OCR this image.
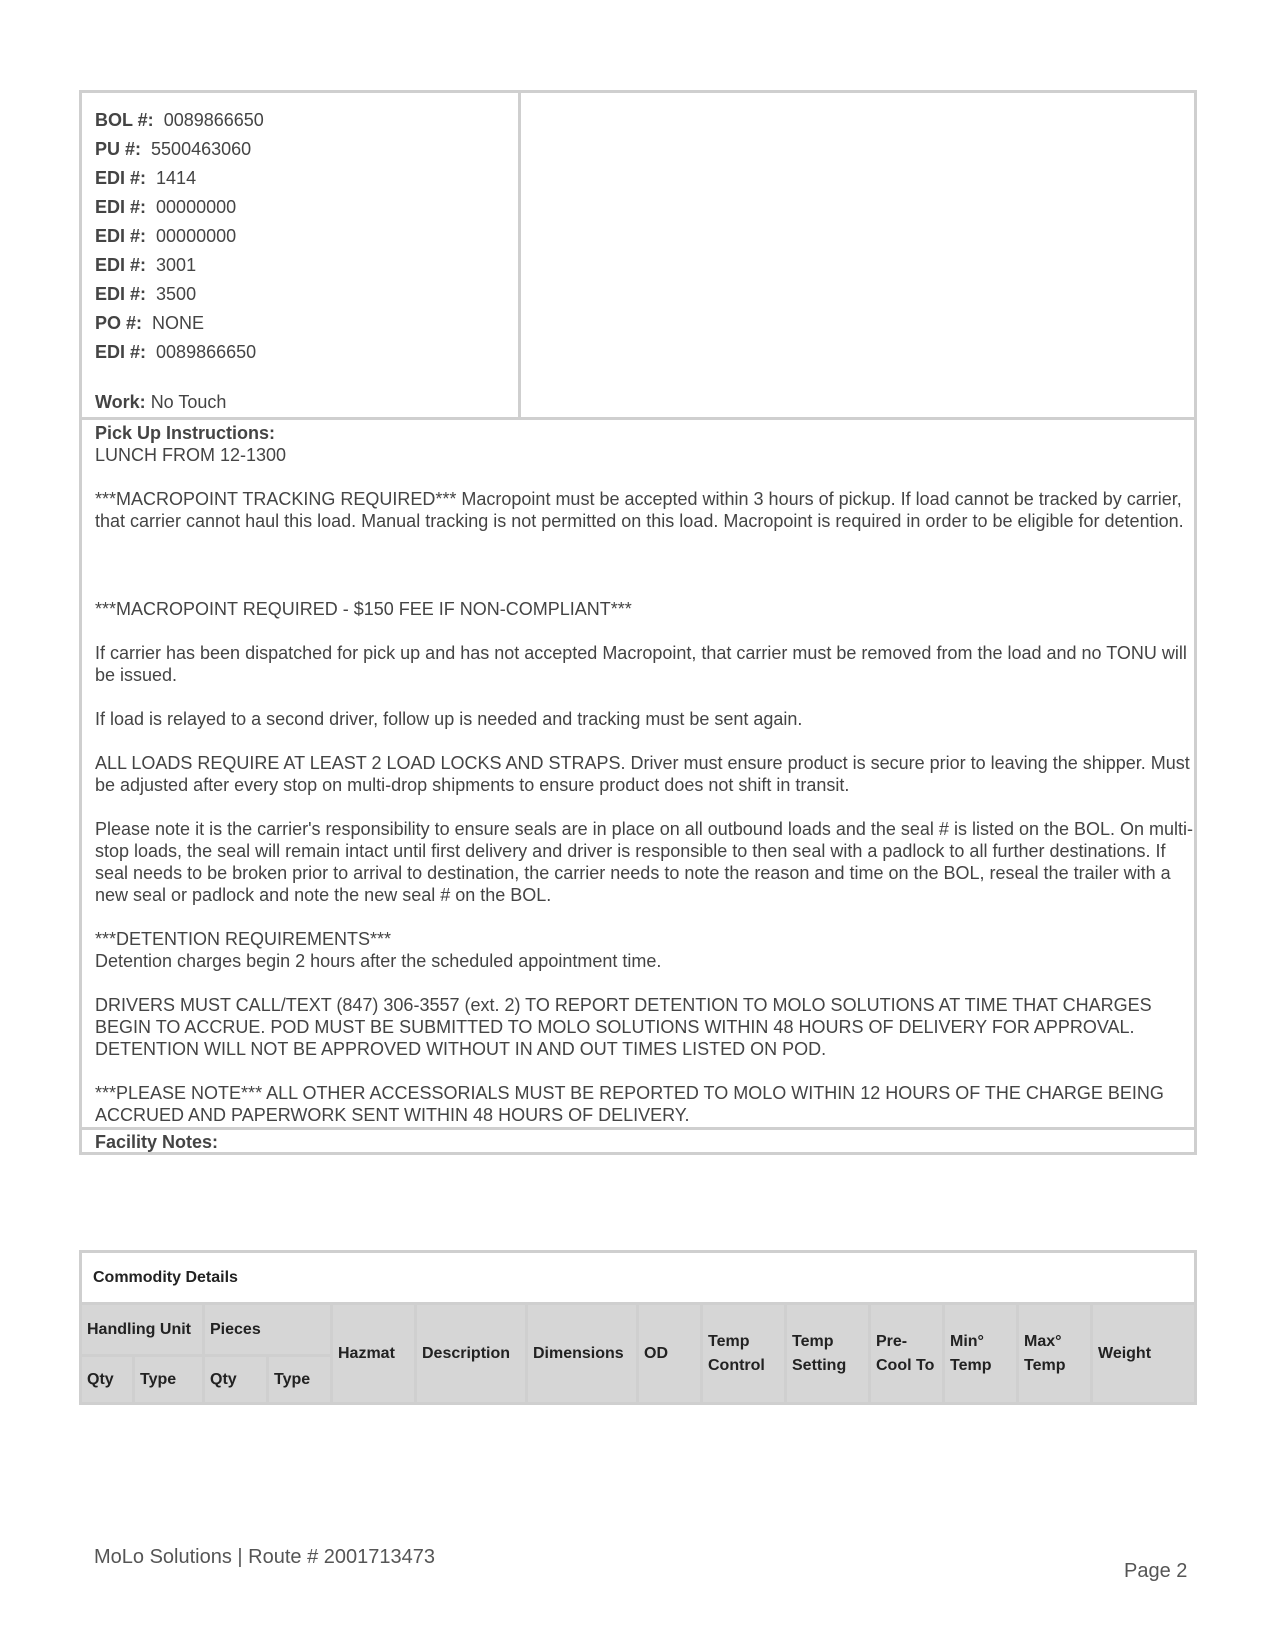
BOL #: 0089866650
PU #: 5500463060
EDI #: 1414
EDI #: 00000000
EDI #: 00000000
EDI #: 3001
EDI #: 3500
PO #: NONE
EDI #: 0089866650
Work: No Touch
Pick Up Instructions:

LUNCH FROM 12-1300

***MACROPOINT TRACKING REQUIRED*** Macropoint must be accepted within 3 hours of pickup. If load cannot be tracked by carrier, that carrier cannot haul this load. Manual tracking is not permitted on this load. Macropoint is required in order to be eligible for detention.

***MACROPOINT REQUIRED - $150 FEE IF NON-COMPLIANT***

If carrier has been dispatched for pick up and has not accepted Macropoint, that carrier must be removed from the load and no TONU will be issued.

If load is relayed to a second driver, follow up is needed and tracking must be sent again.

ALL LOADS REQUIRE AT LEAST 2 LOAD LOCKS AND STRAPS. Driver must ensure product is secure prior to leaving the shipper. Must be adjusted after every stop on multi-drop shipments to ensure product does not shift in transit.

Please note it is the carrier's responsibility to ensure seals are in place on all outbound loads and the seal # is listed on the BOL. On multi-stop loads, the seal will remain intact until first delivery and driver is responsible to then seal with a padlock to all further destinations. If seal needs to be broken prior to arrival to destination, the carrier needs to note the reason and time on the BOL, reseal the trailer with a new seal or padlock and note the new seal # on the BOL.

***DETENTION REQUIREMENTS***

Detention charges begin 2 hours after the scheduled appointment time.

DRIVERS MUST CALL/TEXT (847) 306-3557 (ext. 2) TO REPORT DETENTION TO MOLO SOLUTIONS AT TIME THAT CHARGES BEGIN TO ACCRUE. POD MUST BE SUBMITTED TO MOLO SOLUTIONS WITHIN 48 HOURS OF DELIVERY FOR APPROVAL. DETENTION WILL NOT BE APPROVED WITHOUT IN AND OUT TIMES LISTED ON POD.

***PLEASE NOTE*** ALL OTHER ACCESSORIALS MUST BE REPORTED TO MOLO WITHIN 12 HOURS OF THE CHARGE BEING ACCRUED AND PAPERWORK SENT WITHIN 48 HOURS OF DELIVERY.

Facility Notes:
Commodity Details													
Handling Unit		Pieces		Hazmat	Description	Dimensions	OD	Temp Control	Temp Setting	Pre-Cool To	Min° Temp	Max° Temp	Weight
Qty	Type	Qty	Type										
MoLo Solutions | Route # 2001713473
Page 2
